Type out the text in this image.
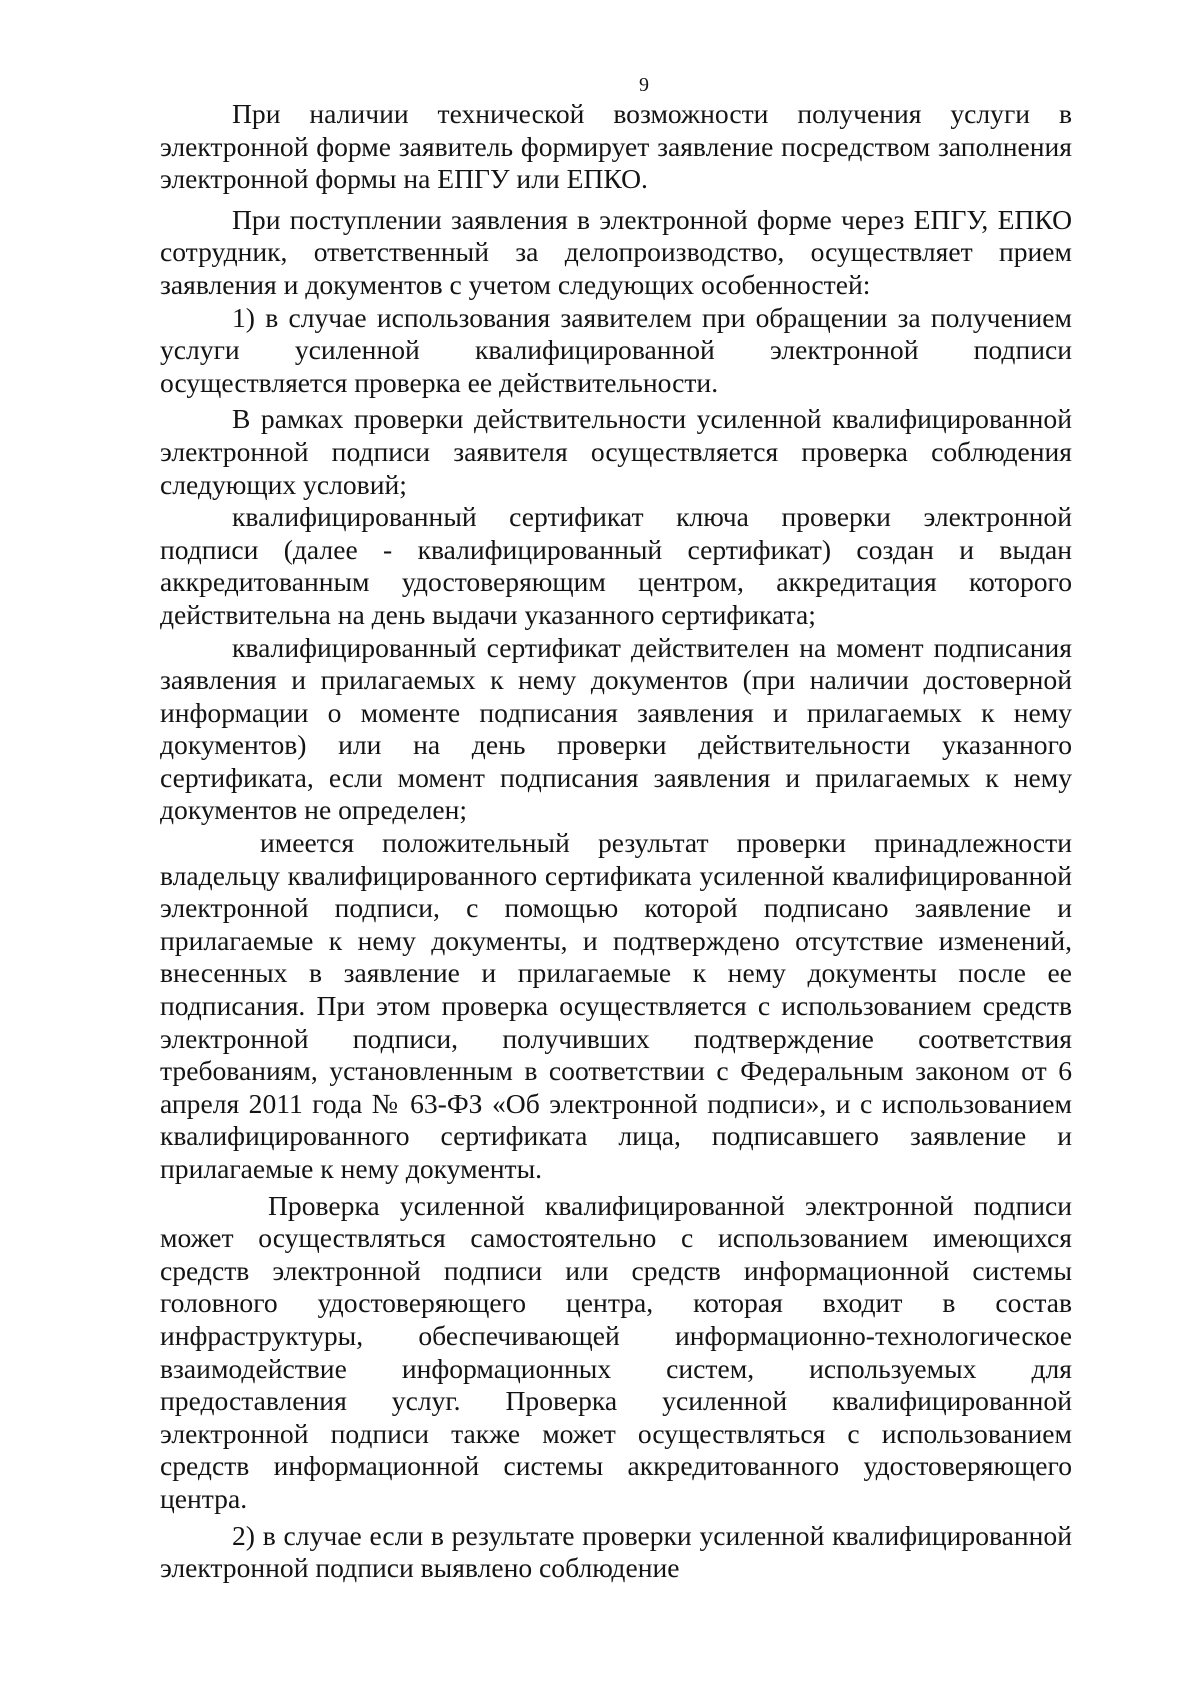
9

При наличии технической возможности получения услуги в электронной форме заявитель формирует заявление посредством заполнения электронной формы на ЕПГУ или ЕПКО.

При поступлении заявления в электронной форме через ЕПГУ, ЕПКО сотрудник, ответственный за делопроизводство, осуществляет прием заявления и документов с учетом следующих особенностей:

1) в случае использования заявителем при обращении за получением услуги усиленной квалифицированной электронной подписи осуществляется проверка ее действительности.

В рамках проверки действительности усиленной квалифицированной электронной подписи заявителя осуществляется проверка соблюдения следующих условий;

квалифицированный сертификат ключа проверки электронной подписи (далее - квалифицированный сертификат) создан и выдан аккредитованным удостоверяющим центром, аккредитация которого действительна на день выдачи указанного сертификата;

квалифицированный сертификат действителен на момент подписания заявления и прилагаемых к нему документов (при наличии достоверной информации о моменте подписания заявления и прилагаемых к нему документов) или на день проверки действительности указанного сертификата, если момент подписания заявления и прилагаемых к нему документов не определен;

имеется положительный результат проверки принадлежности владельцу квалифицированного сертификата усиленной квалифицированной электронной подписи, с помощью которой подписано заявление и прилагаемые к нему документы, и подтверждено отсутствие изменений, внесенных в заявление и прилагаемые к нему документы после ее подписания. При этом проверка осуществляется с использованием средств электронной подписи, получивших подтверждение соответствия требованиям, установленным в соответствии с Федеральным законом от 6 апреля 2011 года № 63-ФЗ «Об электронной подписи», и с использованием квалифицированного сертификата лица, подписавшего заявление и прилагаемые к нему документы.

Проверка усиленной квалифицированной электронной подписи может осуществляться самостоятельно с использованием имеющихся средств электронной подписи или средств информационной системы головного удостоверяющего центра, которая входит в состав инфраструктуры, обеспечивающей информационно-технологическое взаимодействие информационных систем, используемых для предоставления услуг. Проверка усиленной квалифицированной электронной подписи также может осуществляться с использованием средств информационной системы аккредитованного удостоверяющего центра.

2) в случае если в результате проверки усиленной квалифицированной электронной подписи выявлено соблюдение
